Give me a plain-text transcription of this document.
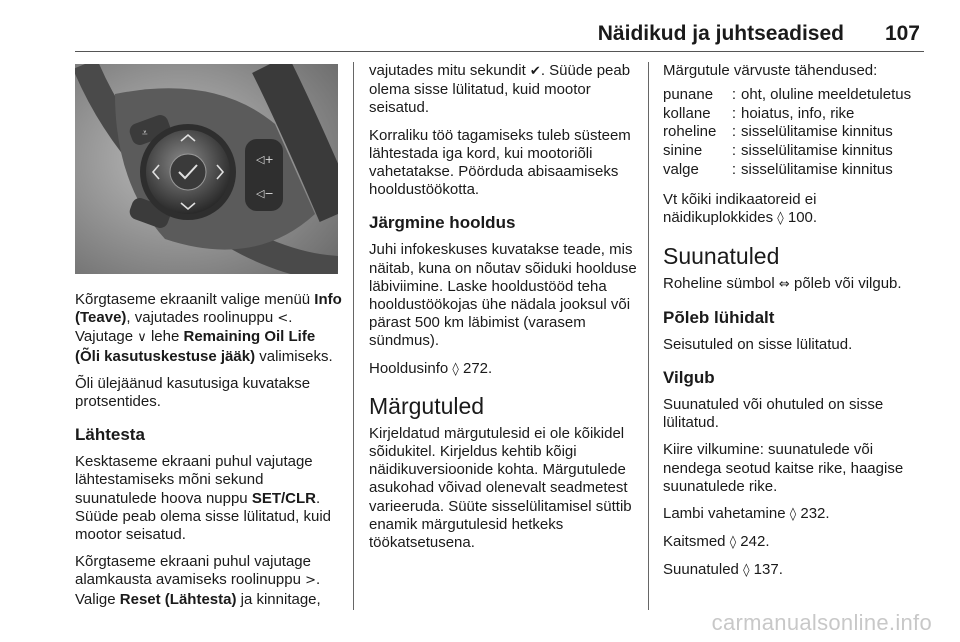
Näidikud ja juhtseadised 107
⩡
◁+
◁−

Kõrgtaseme ekraanilt valige menüü Info (Teave), vajutades roolinuppu <. Vajutage ∨ lehe Remaining Oil Life (Õli kasutuskestuse jääk) valimiseks.

Õli ülejäänud kasutusiga kuvatakse protsentides.

Lähtesta

Kesktaseme ekraani puhul vajutage lähtestamiseks mõni sekund suunatulede hoova nuppu SET/CLR. Süüde peab olema sisse lülitatud, kuid mootor seisatud.

Kõrgtaseme ekraani puhul vajutage alamkausta avamiseks roolinuppu >. Valige Reset (Lähtesta) ja kinnitage,

vajutades mitu sekundit ✔. Süüde peab olema sisse lülitatud, kuid mootor seisatud.

Korraliku töö tagamiseks tuleb süsteem lähtestada iga kord, kui mootoriõli vahetatakse. Pöörduda abisaamiseks hooldustöökotta.

Järgmine hooldus

Juhi infokeskuses kuvatakse teade, mis näitab, kuna on nõutav sõiduki hoolduse läbiviimine. Laske hooldustööd teha hooldustöökojas ühe nädala jooksul või pärast 500 km läbimist (varasem sündmus).

Hooldusinfo ◊ 272.

Märgutuled

Kirjeldatud märgutulesid ei ole kõikidel sõidukitel. Kirjeldus kehtib kõigi näidikuversioonide kohta. Märgutulede asukohad võivad olenevalt seadmetest varieeruda. Süüte sisselülitamisel süttib enamik märgutulesid hetkeks töökatsetusena.

Märgutule värvuste tähendused:

punane	:	oht, oluline meeldetuletus
kollane	:	hoiatus, info, rike
roheline	:	sisselülitamise kinnitus
sinine	:	sisselülitamise kinnitus
valge	:	sisselülitamise kinnitus

Vt kõiki indikaatoreid ei näidikuplokkides ◊ 100.

Suunatuled

Roheline sümbol ⇔ põleb või vilgub.

Põleb lühidalt

Seisutuled on sisse lülitatud.

Vilgub

Suunatuled või ohutuled on sisse lülitatud.

Kiire vilkumine: suunatulede või nendega seotud kaitse rike, haagise suunatulede rike.

Lambi vahetamine ◊ 232.

Kaitsmed ◊ 242.

Suunatuled ◊ 137.

carmanualsonline.info
